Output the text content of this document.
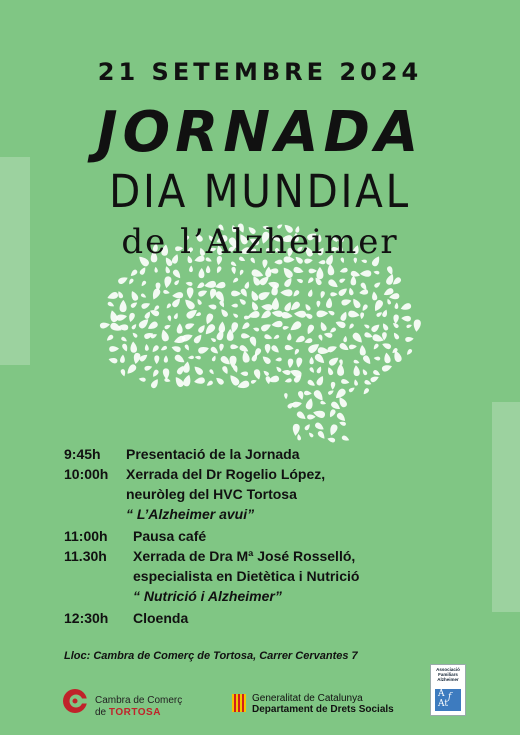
21 SETEMBRE 2024
JORNADA
DIA MUNDIAL
de l’Alzheimer
9:45h Presentació de la Jornada
10:00h Xerrada del Dr Rogelio López,
neuròleg del HVC Tortosa
“ L’Alzheimer avui”
11:00h Pausa café
11.30h Xerrada de Dra Mª José Rosselló,
especialista en Dietètica i Nutrició
“ Nutrició i Alzheimer”
12:30h Cloenda
Lloc: Cambra de Comerç de Tortosa, Carrer Cervantes 7
Cambra de Comerç
de TORTOSA
Generalitat de Catalunya
Departament de Drets Socials
Associació
Familiars
Alzheimer
A f
At
